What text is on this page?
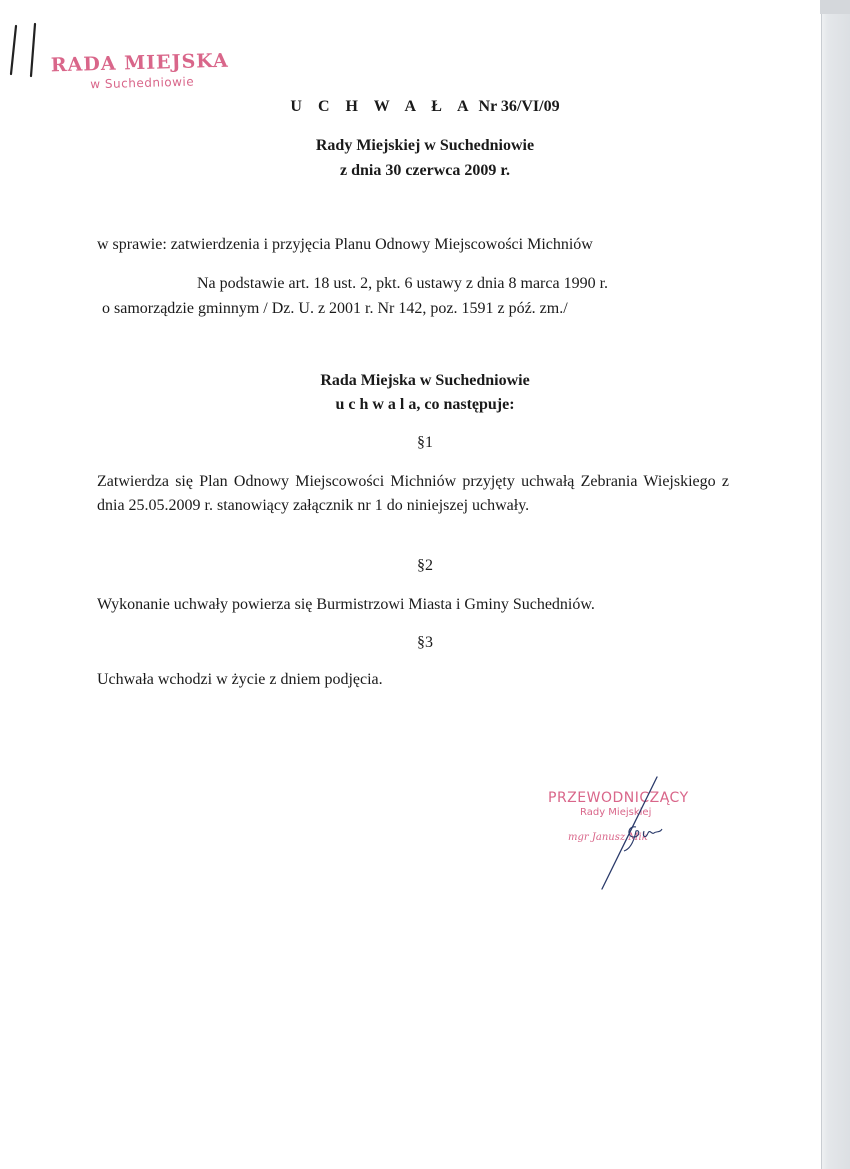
RADA MIEJSKA
w Suchedniowie
U C H W A Ł A Nr 36/VI/09
Rady Miejskiej w Suchedniowie
z dnia 30 czerwca 2009 r.
w sprawie: zatwierdzenia i przyjęcia Planu Odnowy Miejscowości Michniów
Na podstawie art. 18 ust. 2, pkt. 6 ustawy z dnia 8 marca 1990 r.
o samorządzie gminnym / Dz. U. z 2001 r. Nr 142, poz. 1591 z póź. zm./
Rada Miejska w Suchedniowie
u c h w a l a, co następuje:
§1
Zatwierdza się Plan Odnowy Miejscowości Michniów przyjęty uchwałą Zebrania Wiejskiego z dnia 25.05.2009 r. stanowiący załącznik nr 1 do niniejszej uchwały.
§2
Wykonanie uchwały powierza się Burmistrzowi Miasta i Gminy Suchedniów.
§3
Uchwała wchodzi w życie z dniem podjęcia.
PRZEWODNICZĄCY
Rady Miejskiej
mgr Janusz Mik
